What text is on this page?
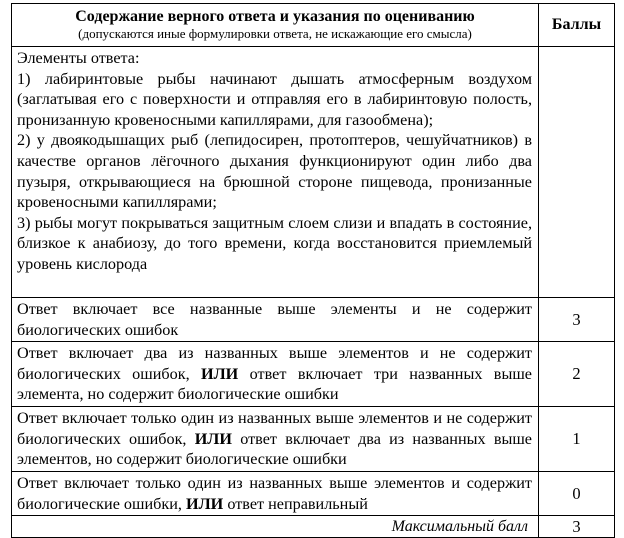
Содержание верного ответа и указания по оцениванию
(допускаются иные формулировки ответа, не искажающие его смысла)	Баллы

Элементы ответа:

1) лабиринтовые рыбы начинают дышать атмосферным воздухом (заглатывая его с поверхности и отправляя его в лабиринтовую полость, пронизанную кровеносными капиллярами, для газообмена);

2) у двоякодышащих рыб (лепидосирен, протоптеров, чешуйчатников) в качестве органов лёгочного дыхания функционируют один либо два пузыря, открывающиеся на брюшной стороне пищевода, пронизанные кровеносными капиллярами;

3) рыбы могут покрываться защитным слоем слизи и впадать в состояние, близкое к анабиозу, до того времени, когда восстановится приемлемый уровень кислорода	

Ответ включает все названные выше элементы и не содержит биологических ошибок	3

Ответ включает два из названных выше элементов и не содержит биологических ошибок, ИЛИ ответ включает три названных выше элемента, но содержит биологические ошибки	2

Ответ включает только один из названных выше элементов и не содержит биологических ошибок, ИЛИ ответ включает два из названных выше элементов, но содержит биологические ошибки	1

Ответ включает только один из названных выше элементов и содержит биологические ошибки, ИЛИ ответ неправильный	0
Максимальный балл	3
